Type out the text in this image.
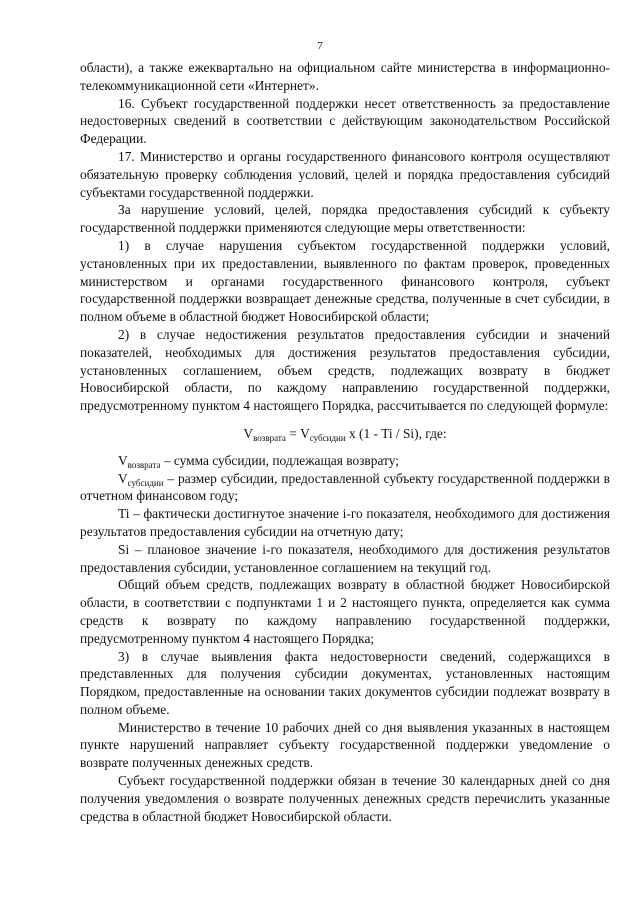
7

области), а также ежеквартально на официальном сайте министерства в информационно-телекоммуникационной сети «Интернет».

16. Субъект государственной поддержки несет ответственность за предоставление недостоверных сведений в соответствии с действующим законодательством Российской Федерации.

17. Министерство и органы государственного финансового контроля осуществляют обязательную проверку соблюдения условий, целей и порядка предоставления субсидий субъектами государственной поддержки.

За нарушение условий, целей, порядка предоставления субсидий к субъекту государственной поддержки применяются следующие меры ответственности:

1) в случае нарушения субъектом государственной поддержки условий, установленных при их предоставлении, выявленного по фактам проверок, проведенных министерством и органами государственного финансового контроля, субъект государственной поддержки возвращает денежные средства, полученные в счет субсидии, в полном объеме в областной бюджет Новосибирской области;

2) в случае недостижения результатов предоставления субсидии и значений показателей, необходимых для достижения результатов предоставления субсидии, установленных соглашением, объем средств, подлежащих возврату в бюджет Новосибирской области, по каждому направлению государственной поддержки, предусмотренному пунктом 4 настоящего Порядка, рассчитывается по следующей формуле:

$V_{возврата} = V_{субсидии}$ x (1 - Ti / Si), где:

$V_{возврата}$ – сумма субсидии, подлежащая возврату;

$V_{субсидии}$ – размер субсидии, предоставленной субъекту государственной поддержки в отчетном финансовом году;

Ti – фактически достигнутое значение i-го показателя, необходимого для достижения результатов предоставления субсидии на отчетную дату;

Si – плановое значение i-го показателя, необходимого для достижения результатов предоставления субсидии, установленное соглашением на текущий год.

Общий объем средств, подлежащих возврату в областной бюджет Новосибирской области, в соответствии с подпунктами 1 и 2 настоящего пункта, определяется как сумма средств к возврату по каждому направлению государственной поддержки, предусмотренному пунктом 4 настоящего Порядка;

3) в случае выявления факта недостоверности сведений, содержащихся в представленных для получения субсидии документах, установленных настоящим Порядком, предоставленные на основании таких документов субсидии подлежат возврату в полном объеме.

Министерство в течение 10 рабочих дней со дня выявления указанных в настоящем пункте нарушений направляет субъекту государственной поддержки уведомление о возврате полученных денежных средств.

Субъект государственной поддержки обязан в течение 30 календарных дней со дня получения уведомления о возврате полученных денежных средств перечислить указанные средства в областной бюджет Новосибирской области.
